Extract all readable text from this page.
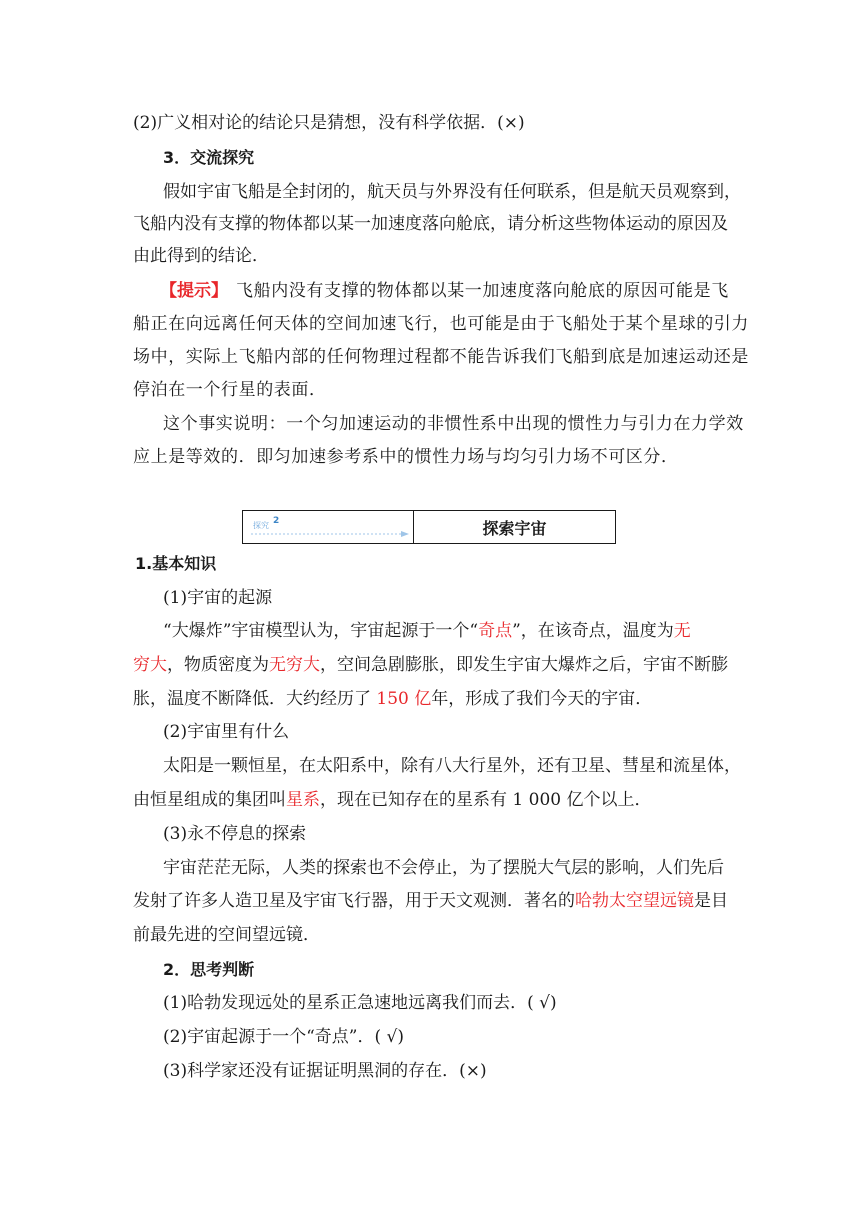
(2)广义相对论的结论只是猜想，没有科学依据．(×)
3．交流探究
假如宇宙飞船是全封闭的，航天员与外界没有任何联系，但是航天员观察到，
飞船内没有支撑的物体都以某一加速度落向舱底，请分析这些物体运动的原因及
由此得到的结论．
【提示】 飞船内没有支撑的物体都以某一加速度落向舱底的原因可能是飞
船正在向远离任何天体的空间加速飞行，也可能是由于飞船处于某个星球的引力
场中，实际上飞船内部的任何物理过程都不能告诉我们飞船到底是加速运动还是
停泊在一个行星的表面．
这个事实说明：一个匀加速运动的非惯性系中出现的惯性力与引力在力学效
应上是等效的．即匀加速参考系中的惯性力场与均匀引力场不可区分．
探究 2	探索宇宙
1.基本知识
(1)宇宙的起源
“大爆炸”宇宙模型认为，宇宙起源于一个“奇点”，在该奇点，温度为无
穷大，物质密度为无穷大，空间急剧膨胀，即发生宇宙大爆炸之后，宇宙不断膨
胀，温度不断降低．大约经历了 150 亿年，形成了我们今天的宇宙．
(2)宇宙里有什么
太阳是一颗恒星，在太阳系中，除有八大行星外，还有卫星、彗星和流星体，
由恒星组成的集团叫星系，现在已知存在的星系有 1 000 亿个以上．
(3)永不停息的探索
宇宙茫茫无际，人类的探索也不会停止，为了摆脱大气层的影响，人们先后
发射了许多人造卫星及宇宙飞行器，用于天文观测．著名的哈勃太空望远镜是目
前最先进的空间望远镜．
2．思考判断
(1)哈勃发现远处的星系正急速地远离我们而去．( √)
(2)宇宙起源于一个“奇点”．( √)
(3)科学家还没有证据证明黑洞的存在．(×)
